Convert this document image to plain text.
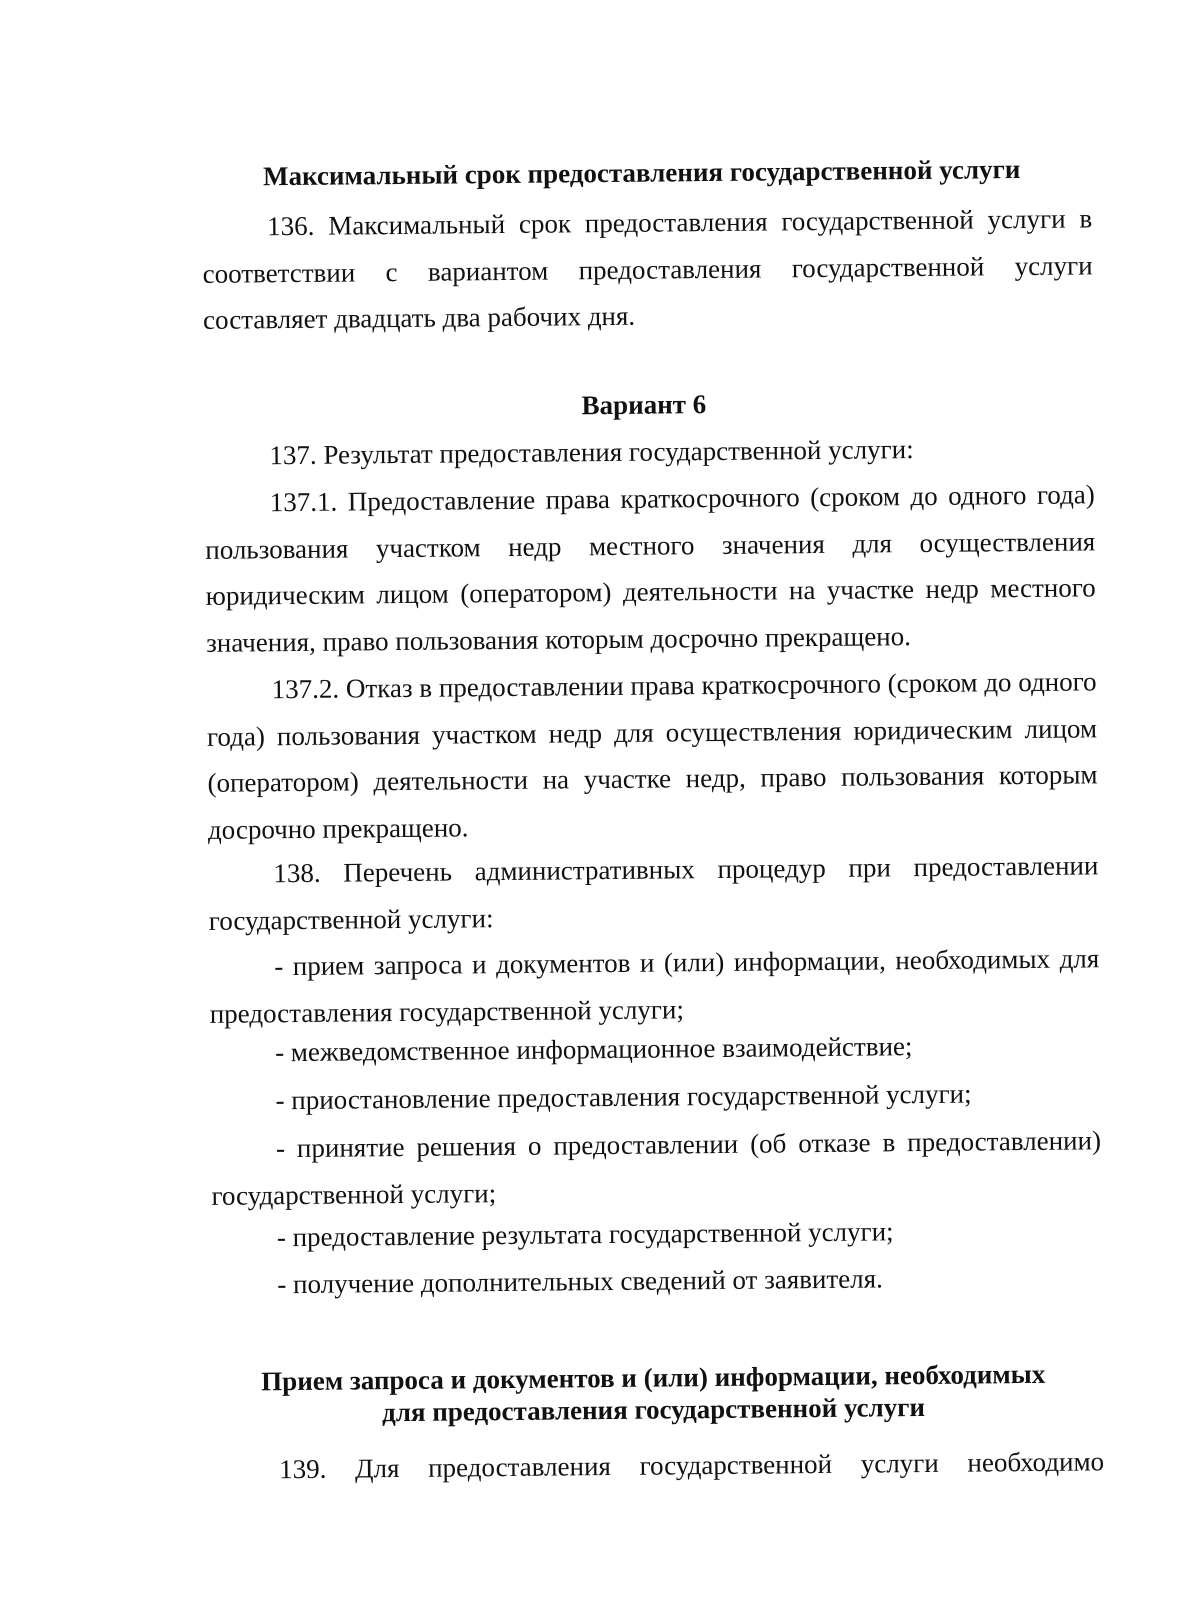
Максимальный срок предоставления государственной услуги

136. Максимальный срок предоставления государственной услуги в соответствии с вариантом предоставления государственной услуги составляет двадцать два рабочих дня.

Вариант 6

137. Результат предоставления государственной услуги:

137.1. Предоставление права краткосрочного (сроком до одного года) пользования участком недр местного значения для осуществления юридическим лицом (оператором) деятельности на участке недр местного значения, право пользования которым досрочно прекращено.

137.2. Отказ в предоставлении права краткосрочного (сроком до одного года) пользования участком недр для осуществления юридическим лицом (оператором) деятельности на участке недр, право пользования которым досрочно прекращено.

138. Перечень административных процедур при предоставлении государственной услуги:

- прием запроса и документов и (или) информации, необходимых для предоставления государственной услуги;

- межведомственное информационное взаимодействие;

- приостановление предоставления государственной услуги;

- принятие решения о предоставлении (об отказе в предоставлении) государственной услуги;

- предоставление результата государственной услуги;

- получение дополнительных сведений от заявителя.

Прием запроса и документов и (или) информации, необходимых
для предоставления государственной услуги

139. Для предоставления государственной услуги необходимо
